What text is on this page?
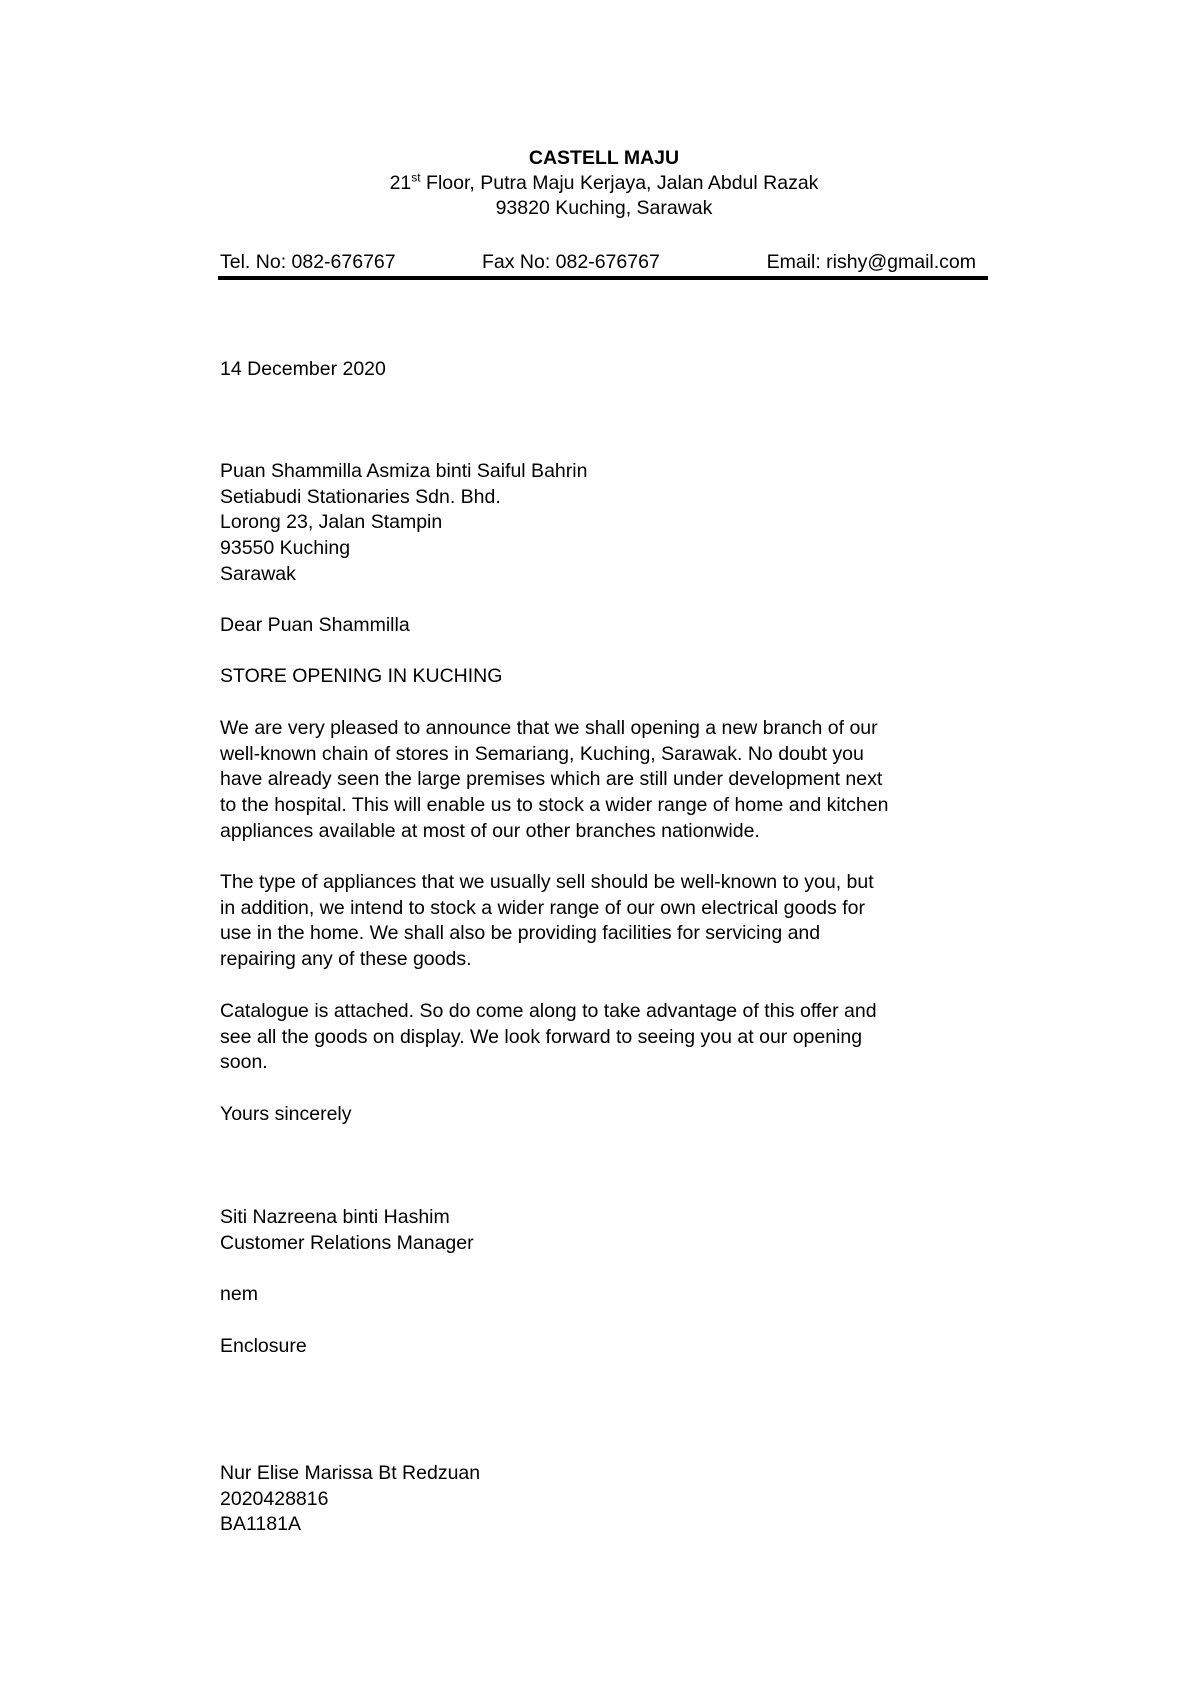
CASTELL MAJU
21st Floor, Putra Maju Kerjaya, Jalan Abdul Razak
93820 Kuching, Sarawak
Tel. No: 082-676767	Fax No: 082-676767	Email: rishy@gmail.com
14 December 2020
Puan Shammilla Asmiza binti Saiful Bahrin
Setiabudi Stationaries Sdn. Bhd.
Lorong 23, Jalan Stampin
93550 Kuching
Sarawak
Dear Puan Shammilla
STORE OPENING IN KUCHING
We are very pleased to announce that we shall opening a new branch of our
well-known chain of stores in Semariang, Kuching, Sarawak. No doubt you
have already seen the large premises which are still under development next
to the hospital. This will enable us to stock a wider range of home and kitchen
appliances available at most of our other branches nationwide.
The type of appliances that we usually sell should be well-known to you, but
in addition, we intend to stock a wider range of our own electrical goods for
use in the home. We shall also be providing facilities for servicing and
repairing any of these goods.
Catalogue is attached. So do come along to take advantage of this offer and
see all the goods on display. We look forward to seeing you at our opening
soon.
Yours sincerely
Siti Nazreena binti Hashim
Customer Relations Manager
nem
Enclosure
Nur Elise Marissa Bt Redzuan
2020428816
BA1181A
